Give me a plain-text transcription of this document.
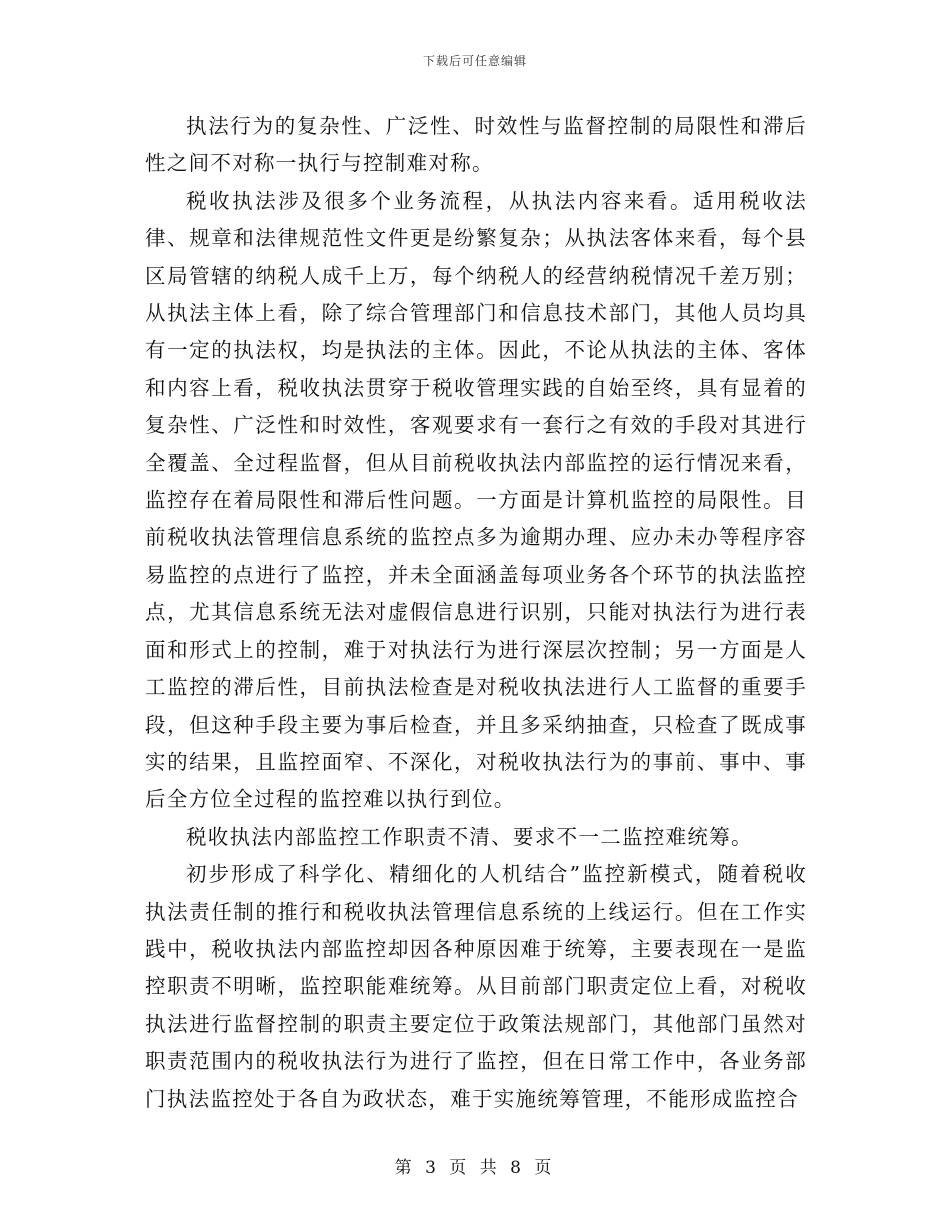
下载后可任意编辑

执法行为的复杂性、广泛性、时效性与监督控制的局限性和滞后性之间不对称一执行与控制难对称。

税收执法涉及很多个业务流程，从执法内容来看。适用税收法律、规章和法律规范性文件更是纷繁复杂；从执法客体来看，每个县区局管辖的纳税人成千上万，每个纳税人的经营纳税情况千差万别；从执法主体上看，除了综合管理部门和信息技术部门，其他人员均具有一定的执法权，均是执法的主体。因此，不论从执法的主体、客体和内容上看，税收执法贯穿于税收管理实践的自始至终，具有显着的复杂性、广泛性和时效性，客观要求有一套行之有效的手段对其进行全覆盖、全过程监督，但从目前税收执法内部监控的运行情况来看，监控存在着局限性和滞后性问题。一方面是计算机监控的局限性。目前税收执法管理信息系统的监控点多为逾期办理、应办未办等程序容易监控的点进行了监控，并未全面涵盖每项业务各个环节的执法监控点，尤其信息系统无法对虚假信息进行识别，只能对执法行为进行表面和形式上的控制，难于对执法行为进行深层次控制；另一方面是人工监控的滞后性，目前执法检查是对税收执法进行人工监督的重要手段，但这种手段主要为事后检查，并且多采纳抽查，只检查了既成事实的结果，且监控面窄、不深化，对税收执法行为的事前、事中、事后全方位全过程的监控难以执行到位。

税收执法内部监控工作职责不清、要求不一二监控难统筹。

初步形成了科学化、精细化的人机结合”监控新模式，随着税收执法责任制的推行和税收执法管理信息系统的上线运行。但在工作实践中，税收执法内部监控却因各种原因难于统筹，主要表现在一是监控职责不明晰，监控职能难统筹。从目前部门职责定位上看，对税收执法进行监督控制的职责主要定位于政策法规部门，其他部门虽然对职责范围内的税收执法行为进行了监控，但在日常工作中，各业务部门执法监控处于各自为政状态，难于实施统筹管理，不能形成监控合

第 3 页 共 8 页
